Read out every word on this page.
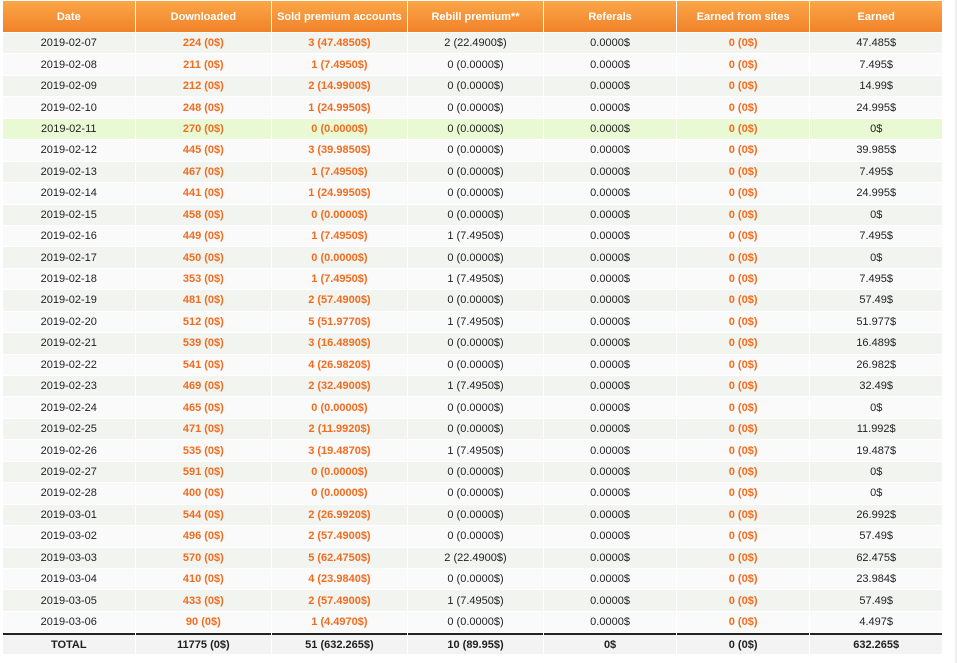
Date	Downloaded	Sold premium accounts	Rebill premium**	Referals	Earned from sites	Earned
2019-02-07	224 (0$)	3 (47.4850$)	2 (22.4900$)	0.0000$	0 (0$)	47.485$
2019-02-08	211 (0$)	1 (7.4950$)	0 (0.0000$)	0.0000$	0 (0$)	7.495$
2019-02-09	212 (0$)	2 (14.9900$)	0 (0.0000$)	0.0000$	0 (0$)	14.99$
2019-02-10	248 (0$)	1 (24.9950$)	0 (0.0000$)	0.0000$	0 (0$)	24.995$
2019-02-11	270 (0$)	0 (0.0000$)	0 (0.0000$)	0.0000$	0 (0$)	0$
2019-02-12	445 (0$)	3 (39.9850$)	0 (0.0000$)	0.0000$	0 (0$)	39.985$
2019-02-13	467 (0$)	1 (7.4950$)	0 (0.0000$)	0.0000$	0 (0$)	7.495$
2019-02-14	441 (0$)	1 (24.9950$)	0 (0.0000$)	0.0000$	0 (0$)	24.995$
2019-02-15	458 (0$)	0 (0.0000$)	0 (0.0000$)	0.0000$	0 (0$)	0$
2019-02-16	449 (0$)	1 (7.4950$)	1 (7.4950$)	0.0000$	0 (0$)	7.495$
2019-02-17	450 (0$)	0 (0.0000$)	0 (0.0000$)	0.0000$	0 (0$)	0$
2019-02-18	353 (0$)	1 (7.4950$)	1 (7.4950$)	0.0000$	0 (0$)	7.495$
2019-02-19	481 (0$)	2 (57.4900$)	0 (0.0000$)	0.0000$	0 (0$)	57.49$
2019-02-20	512 (0$)	5 (51.9770$)	1 (7.4950$)	0.0000$	0 (0$)	51.977$
2019-02-21	539 (0$)	3 (16.4890$)	0 (0.0000$)	0.0000$	0 (0$)	16.489$
2019-02-22	541 (0$)	4 (26.9820$)	0 (0.0000$)	0.0000$	0 (0$)	26.982$
2019-02-23	469 (0$)	2 (32.4900$)	1 (7.4950$)	0.0000$	0 (0$)	32.49$
2019-02-24	465 (0$)	0 (0.0000$)	0 (0.0000$)	0.0000$	0 (0$)	0$
2019-02-25	471 (0$)	2 (11.9920$)	0 (0.0000$)	0.0000$	0 (0$)	11.992$
2019-02-26	535 (0$)	3 (19.4870$)	1 (7.4950$)	0.0000$	0 (0$)	19.487$
2019-02-27	591 (0$)	0 (0.0000$)	0 (0.0000$)	0.0000$	0 (0$)	0$
2019-02-28	400 (0$)	0 (0.0000$)	0 (0.0000$)	0.0000$	0 (0$)	0$
2019-03-01	544 (0$)	2 (26.9920$)	0 (0.0000$)	0.0000$	0 (0$)	26.992$
2019-03-02	496 (0$)	2 (57.4900$)	0 (0.0000$)	0.0000$	0 (0$)	57.49$
2019-03-03	570 (0$)	5 (62.4750$)	2 (22.4900$)	0.0000$	0 (0$)	62.475$
2019-03-04	410 (0$)	4 (23.9840$)	0 (0.0000$)	0.0000$	0 (0$)	23.984$
2019-03-05	433 (0$)	2 (57.4900$)	1 (7.4950$)	0.0000$	0 (0$)	57.49$
2019-03-06	90 (0$)	1 (4.4970$)	0 (0.0000$)	0.0000$	0 (0$)	4.497$
TOTAL	11775 (0$)	51 (632.265$)	10 (89.95$)	0$	0 (0$)	632.265$
